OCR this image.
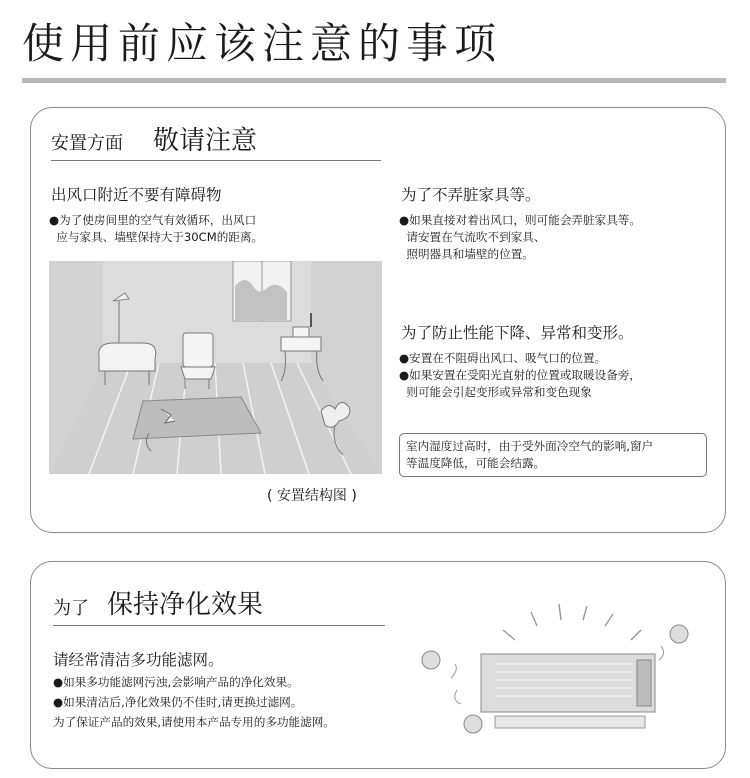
使用前应该注意的事项
安置方面 敬请注意
出风口附近不要有障碍物
●为了使房间里的空气有效循环，出风口
应与家具、墙壁保持大于30CM的距离。
( 安置结构图 )
为了不弄脏家具等。
●如果直接对着出风口，则可能会弄脏家具等。
请安置在气流吹不到家具、
照明器具和墙壁的位置。
为了防止性能下降、异常和变形。
●安置在不阻碍出风口、吸气口的位置。
●如果安置在受阳光直射的位置或取暖设备旁，
则可能会引起变形或异常和变色现象
室内湿度过高时，由于受外面冷空气的影响,窗户
等温度降低，可能会结露。
为了 保持净化效果
请经常清洁多功能滤网。
●如果多功能滤网污浊,会影响产品的净化效果。
●如果清洁后,净化效果仍不佳时,请更换过滤网。
为了保证产品的效果,请使用本产品专用的多功能滤网。
